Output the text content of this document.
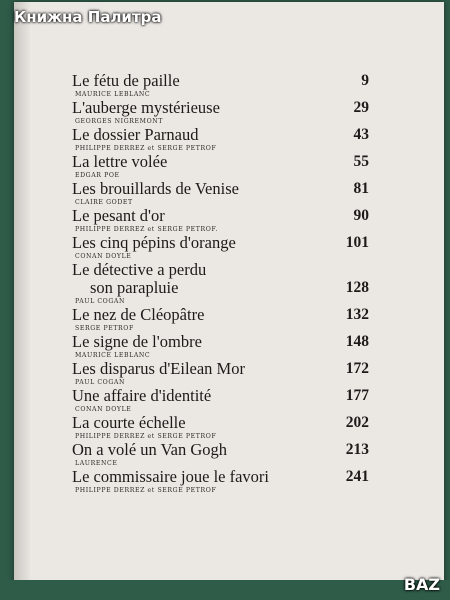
Le fétu de paille
MAURICE LEBLANC
9
L'auberge mystérieuse
GEORGES NIGREMONT
29
Le dossier Parnaud
PHILIPPE DERREZ et SERGE PETROF
43
La lettre volée
EDGAR POE
55
Les brouillards de Venise
CLAIRE GODET
81
Le pesant d'or
PHILIPPE DERREZ et SERGE PETROF.
90
Les cinq pépins d'orange
CONAN DOYLE
101
Le détective a perdu
son parapluie
PAUL COGAN
128
Le nez de Cléopâtre
SERGE PETROF
132
Le signe de l'ombre
MAURICE LEBLANC
148
Les disparus d'Eilean Mor
PAUL COGAN
172
Une affaire d'identité
CONAN DOYLE
177
La courte échelle
PHILIPPE DERREZ et SERGE PETROF
202
On a volé un Van Gogh
LAURENCE
213
Le commissaire joue le favori
PHILIPPE DERREZ et SERGE PETROF
241
Книжна Палитра
BAZ
